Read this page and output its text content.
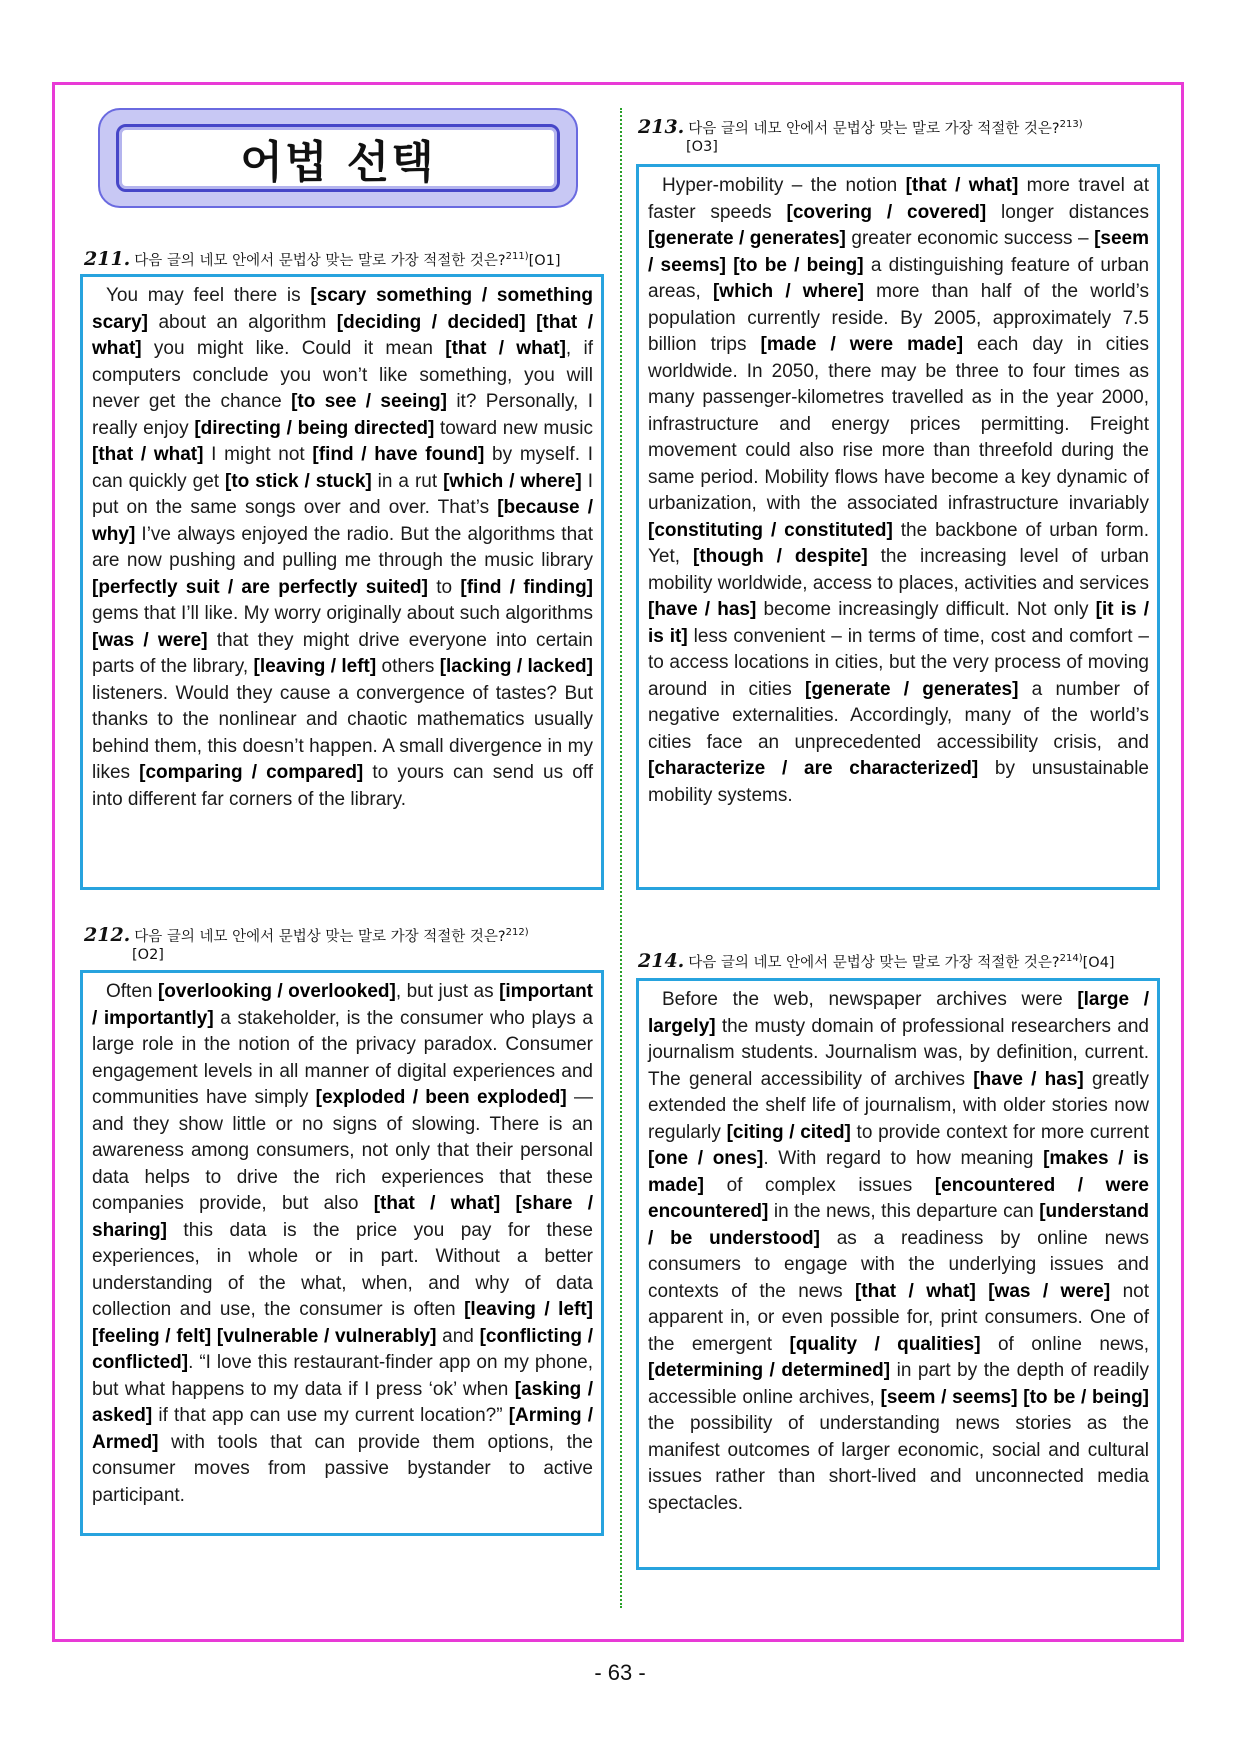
어법 선택
211. 다음 글의 네모 안에서 문법상 맞는 말로 가장 적절한 것은?$^{211)}$[O1]

You may feel there is [scary something / something scary] about an algorithm [deciding / decided] [that / what] you might like. Could it mean [that / what], if computers conclude you won’t like something, you will never get the chance [to see / seeing] it? Personally, I really enjoy [directing / being directed] toward new music [that / what] I might not [find / have found] by myself. I can quickly get [to stick / stuck] in a rut [which / where] I put on the same songs over and over. That’s [because / why] I’ve always enjoyed the radio. But the algorithms that are now pushing and pulling me through the music library [perfectly suit / are perfectly suited] to [find / finding] gems that I’ll like. My worry originally about such algorithms [was / were] that they might drive everyone into certain parts of the library, [leaving / left] others [lacking / lacked] listeners. Would they cause a convergence of tastes? But thanks to the nonlinear and chaotic mathematics usually behind them, this doesn’t happen. A small divergence in my likes [comparing / compared] to yours can send us off into different far corners of the library.

212. 다음 글의 네모 안에서 문법상 맞는 말로 가장 적절한 것은?$^{212)}$
[O2]

Often [overlooking / overlooked], but just as [important / importantly] a stakeholder, is the consumer who plays a large role in the notion of the privacy paradox. Consumer engagement levels in all manner of digital experiences and communities have simply [exploded / been exploded] — and they show little or no signs of slowing. There is an awareness among consumers, not only that their personal data helps to drive the rich experiences that these companies provide, but also [that / what] [share / sharing] this data is the price you pay for these experiences, in whole or in part. Without a better understanding of the what, when, and why of data collection and use, the consumer is often [leaving / left] [feeling / felt] [vulnerable / vulnerably] and [conflicting / conflicted]. “I love this restaurant-finder app on my phone, but what happens to my data if I press ‘ok’ when [asking / asked] if that app can use my current location?” [Arming / Armed] with tools that can provide them options, the consumer moves from passive bystander to active participant.

213. 다음 글의 네모 안에서 문법상 맞는 말로 가장 적절한 것은?$^{213)}$
[O3]

Hyper-mobility – the notion [that / what] more travel at faster speeds [covering / covered] longer distances [generate / generates] greater economic success – [seem / seems] [to be / being] a distinguishing feature of urban areas, [which / where] more than half of the world’s population currently reside. By 2005, approximately 7.5 billion trips [made / were made] each day in cities worldwide. In 2050, there may be three to four times as many passenger-kilometres travelled as in the year 2000, infrastructure and energy prices permitting. Freight movement could also rise more than threefold during the same period. Mobility flows have become a key dynamic of urbanization, with the associated infrastructure invariably [constituting / constituted] the backbone of urban form. Yet, [though / despite] the increasing level of urban mobility worldwide, access to places, activities and services [have / has] become increasingly difficult. Not only [it is / is it] less convenient – in terms of time, cost and comfort – to access locations in cities, but the very process of moving around in cities [generate / generates] a number of negative externalities. Accordingly, many of the world’s cities face an unprecedented accessibility crisis, and [characterize / are characterized] by unsustainable mobility systems.

214. 다음 글의 네모 안에서 문법상 맞는 말로 가장 적절한 것은?$^{214)}$[O4]

Before the web, newspaper archives were [large / largely] the musty domain of professional researchers and journalism students. Journalism was, by definition, current. The general accessibility of archives [have / has] greatly extended the shelf life of journalism, with older stories now regularly [citing / cited] to provide context for more current [one / ones]. With regard to how meaning [makes / is made] of complex issues [encountered / were encountered] in the news, this departure can [understand / be understood] as a readiness by online news consumers to engage with the underlying issues and contexts of the news [that / what] [was / were] not apparent in, or even possible for, print consumers. One of the emergent [quality / qualities] of online news, [determining / determined] in part by the depth of readily accessible online archives, [seem / seems] [to be / being] the possibility of understanding news stories as the manifest outcomes of larger economic, social and cultural issues rather than short-lived and unconnected media spectacles.

- 63 -
